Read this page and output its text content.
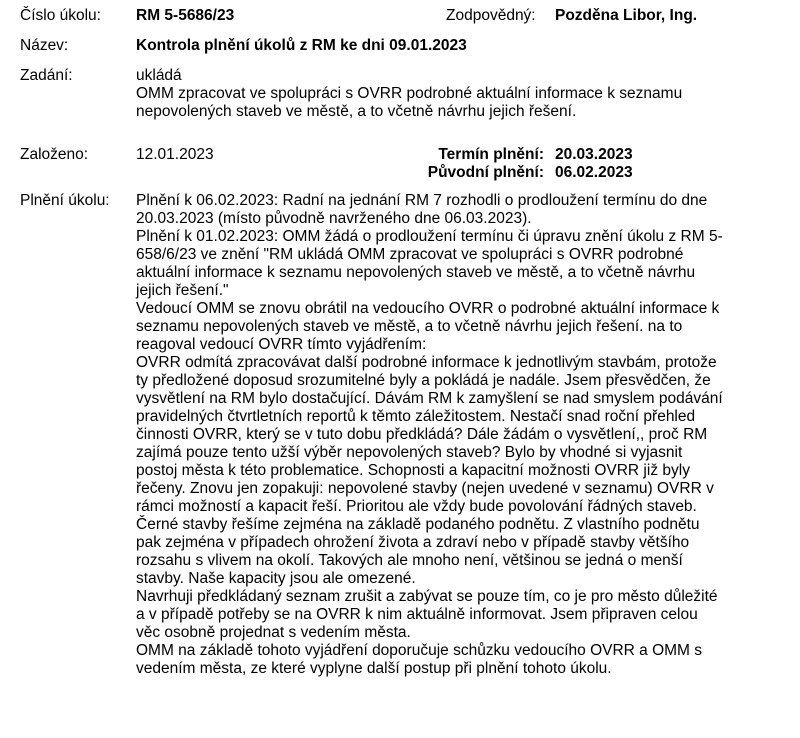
Číslo úkolu: RM 5-5686/23	Zodpovědný: Pozděna Libor, Ing.
Název:	Kontrola plnění úkolů z RM ke dni 09.01.2023
Zadání:	ukládá
OMM zpracovat ve spolupráci s OVRR podrobné aktuální informace k seznamu
nepovolených staveb ve městě, a to včetně návrhu jejich řešení.
Založeno:	12.01.2023	Termín plnění: 20.03.2023
Původní plnění: 06.02.2023
Plnění úkolu: Plnění k 06.02.2023: Radní na jednání RM 7 rozhodli o prodloužení termínu do dne

20.03.2023 (místo původně navrženého dne 06.03.2023).

Plnění k 01.02.2023: OMM žádá o prodloužení termínu či úpravu znění úkolu z RM 5-

658/6/23 ve znění "RM ukládá OMM zpracovat ve spolupráci s OVRR podrobné

aktuální informace k seznamu nepovolených staveb ve městě, a to včetně návrhu

jejich řešení."

Vedoucí OMM se znovu obrátil na vedoucího OVRR o podrobné aktuální informace k

seznamu nepovolených staveb ve městě, a to včetně návrhu jejich řešení. na to

reagoval vedoucí OVRR tímto vyjádřením:

OVRR odmítá zpracovávat další podrobné informace k jednotlivým stavbám, protože

ty předložené doposud srozumitelné byly a pokládá je nadále. Jsem přesvědčen, že

vysvětlení na RM bylo dostačující. Dávám RM k zamyšlení se nad smyslem podávání

pravidelných čtvrtletních reportů k těmto záležitostem. Nestačí snad roční přehled

činnosti OVRR, který se v tuto dobu předkládá? Dále žádám o vysvětlení,, proč RM

zajímá pouze tento užší výběr nepovolených staveb? Bylo by vhodné si vyjasnit

postoj města k této problematice. Schopnosti a kapacitní možnosti OVRR již byly

řečeny. Znovu jen zopakuji: nepovolené stavby (nejen uvedené v seznamu) OVRR v

rámci možností a kapacit řeší. Prioritou ale vždy bude povolování řádných staveb.

Černé stavby řešíme zejména na základě podaného podnětu. Z vlastního podnětu

pak zejména v případech ohrožení života a zdraví nebo v případě stavby většího

rozsahu s vlivem na okolí. Takových ale mnoho není, většinou se jedná o menší

stavby. Naše kapacity jsou ale omezené.

Navrhuji předkládaný seznam zrušit a zabývat se pouze tím, co je pro město důležité

a v případě potřeby se na OVRR k nim aktuálně informovat. Jsem připraven celou

věc osobně projednat s vedením města.

OMM na základě tohoto vyjádření doporučuje schůzku vedoucího OVRR a OMM s

vedením města, ze které vyplyne další postup při plnění tohoto úkolu.
